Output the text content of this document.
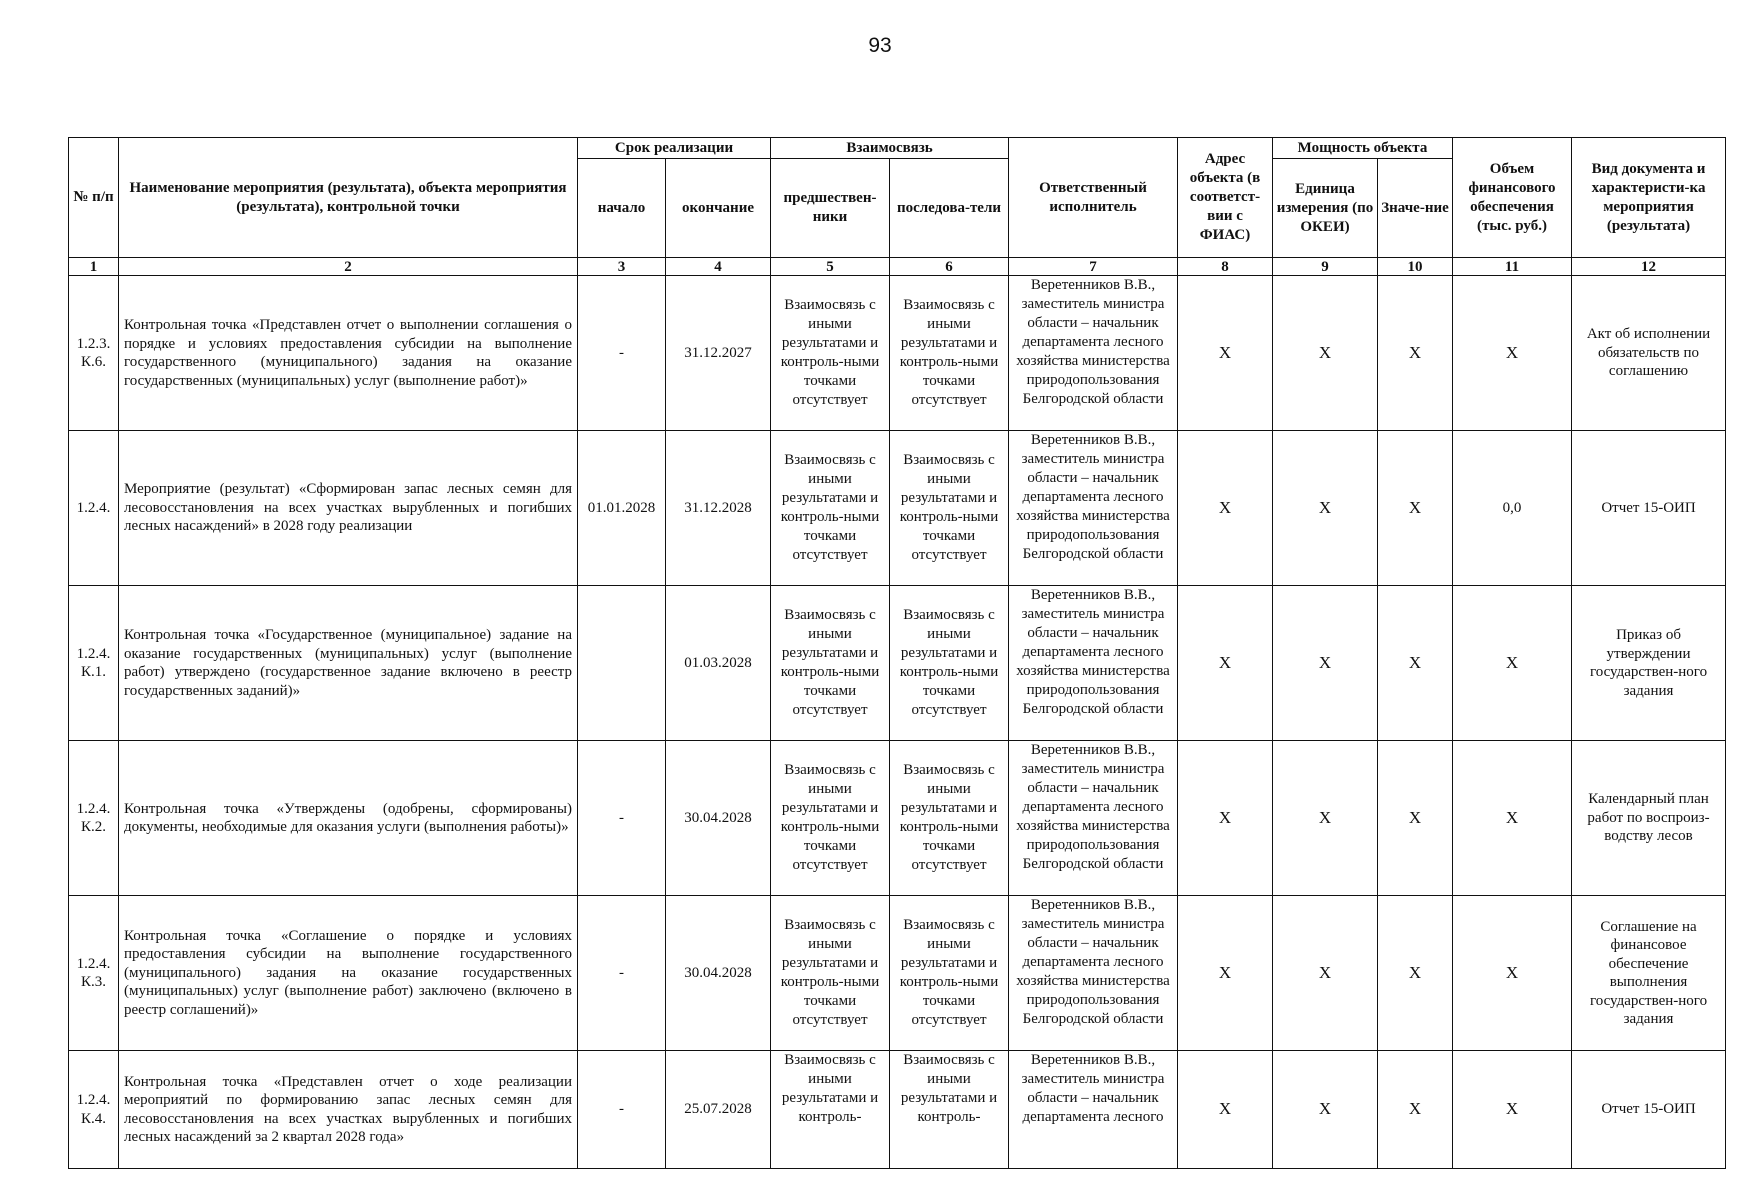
93
№ п/п	Наименование мероприятия (результата), объекта мероприятия (результата), контрольной точки	Срок реализации		Взаимосвязь		Ответственный исполнитель	Адрес объекта (в соответст-вии с ФИАС)	Мощность объекта		Объем финансового обеспечения (тыс. руб.)	Вид документа и характеристи-ка мероприятия (результата)
		начало	окончание	предшествен-ники	последова-тели			Единица измерения (по ОКЕИ)	Значе-ние		
1	2	3	4	5	6	7	8	9	10	11	12
1.2.3. К.6.	Контрольная точка «Представлен отчет о выполнении соглашения о порядке и условиях предоставления субсидии на выполнение государственного (муниципального) задания на оказание государственных (муниципальных) услуг (выполнение работ)»	-	31.12.2027	Взаимосвязь с иными результатами и контроль-ными точками отсутствует	Взаимосвязь с иными результатами и контроль-ными точками отсутствует	Веретенников В.В., заместитель министра области – начальник департамента лесного хозяйства министерства природопользования Белгородской области	X	X	X	X	Акт об исполнении обязательств по соглашению
1.2.4.	Мероприятие (результат) «Сформирован запас лесных семян для лесовосстановления на всех участках вырубленных и погибших лесных насаждений» в 2028 году реализации	01.01.2028	31.12.2028	Взаимосвязь с иными результатами и контроль-ными точками отсутствует	Взаимосвязь с иными результатами и контроль-ными точками отсутствует	Веретенников В.В., заместитель министра области – начальник департамента лесного хозяйства министерства природопользования Белгородской области	X	X	X	0,0	Отчет 15-ОИП
1.2.4. К.1.	Контрольная точка «Государственное (муниципальное) задание на оказание государственных (муниципальных) услуг (выполнение работ) утверждено (государственное задание включено в реестр государственных заданий)»		01.03.2028	Взаимосвязь с иными результатами и контроль-ными точками отсутствует	Взаимосвязь с иными результатами и контроль-ными точками отсутствует	Веретенников В.В., заместитель министра области – начальник департамента лесного хозяйства министерства природопользования Белгородской области	X	X	X	X	Приказ об утверждении государствен-ного задания
1.2.4. К.2.	Контрольная точка «Утверждены (одобрены, сформированы) документы, необходимые для оказания услуги (выполнения работы)»	-	30.04.2028	Взаимосвязь с иными результатами и контроль-ными точками отсутствует	Взаимосвязь с иными результатами и контроль-ными точками отсутствует	Веретенников В.В., заместитель министра области – начальник департамента лесного хозяйства министерства природопользования Белгородской области	X	X	X	X	Календарный план работ по воспроиз-водству лесов
1.2.4. К.3.	Контрольная точка «Соглашение о порядке и условиях предоставления субсидии на выполнение государственного (муниципального) задания на оказание государственных (муниципальных) услуг (выполнение работ) заключено (включено в реестр соглашений)»	-	30.04.2028	Взаимосвязь с иными результатами и контроль-ными точками отсутствует	Взаимосвязь с иными результатами и контроль-ными точками отсутствует	Веретенников В.В., заместитель министра области – начальник департамента лесного хозяйства министерства природопользования Белгородской области	X	X	X	X	Соглашение на финансовое обеспечение выполнения государствен-ного задания
1.2.4. К.4.	Контрольная точка «Представлен отчет о ходе реализации мероприятий по формированию запас лесных семян для лесовосстановления на всех участках вырубленных и погибших лесных насаждений за 2 квартал 2028 года»	-	25.07.2028	Взаимосвязь с иными результатами и контроль-	Взаимосвязь с иными результатами и контроль-	Веретенников В.В., заместитель министра области – начальник департамента лесного	X	X	X	X	Отчет 15-ОИП
